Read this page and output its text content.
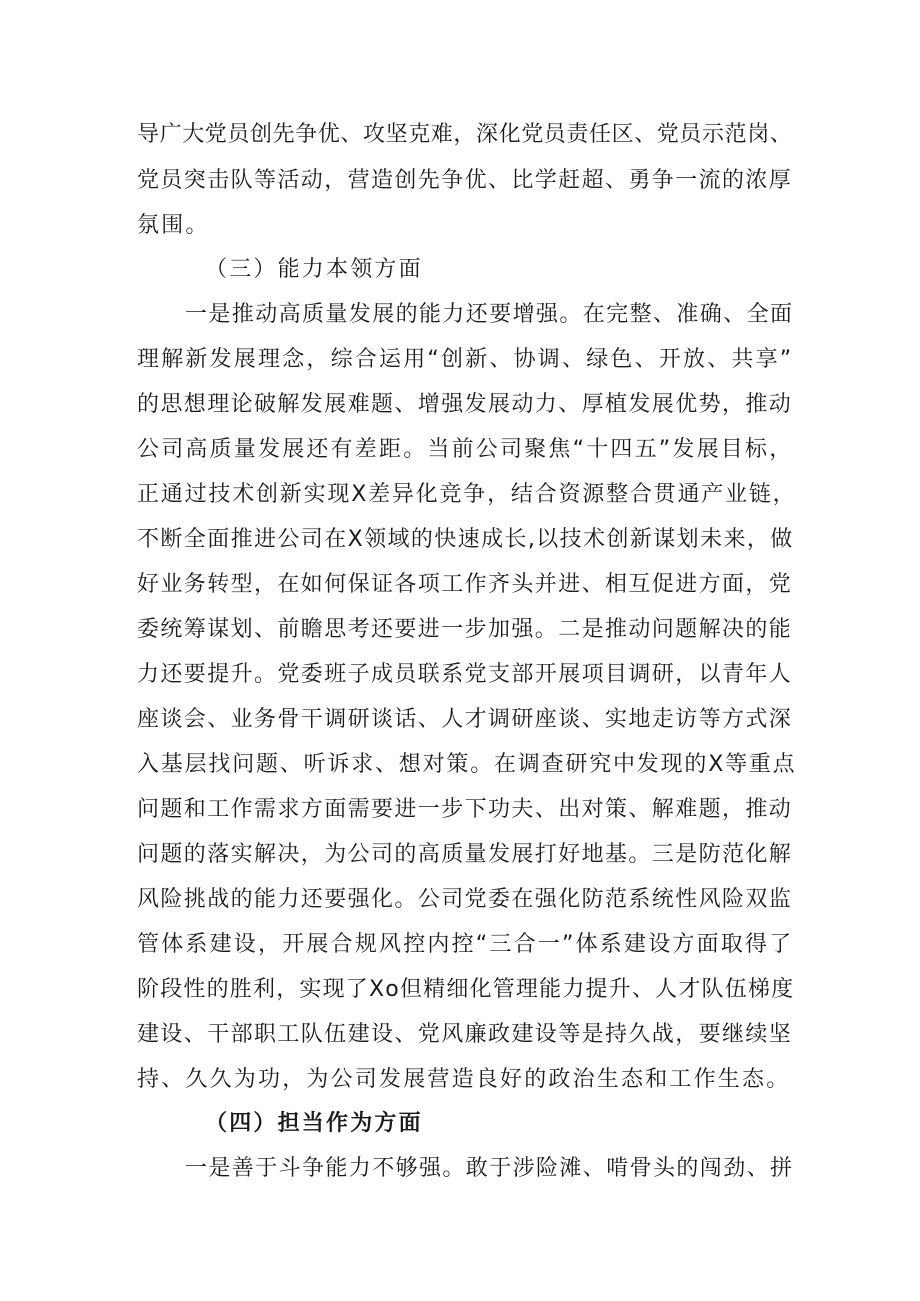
导广大党员创先争优、攻坚克难，深化党员责任区、党员示范岗、
党员突击队等活动，营造创先争优、比学赶超、勇争一流的浓厚
氛围。
（三）能力本领方面
一是推动高质量发展的能力还要增强。在完整、准确、全面
理解新发展理念，综合运用“创新、协调、绿色、开放、共享”
的思想理论破解发展难题、增强发展动力、厚植发展优势，推动
公司高质量发展还有差距。当前公司聚焦“十四五”发展目标，
正通过技术创新实现X差异化竞争，结合资源整合贯通产业链，
不断全面推进公司在X领域的快速成长,以技术创新谋划未来，做
好业务转型，在如何保证各项工作齐头并进、相互促进方面，党
委统筹谋划、前瞻思考还要进一步加强。二是推动问题解决的能
力还要提升。党委班子成员联系党支部开展项目调研，以青年人
座谈会、业务骨干调研谈话、人才调研座谈、实地走访等方式深
入基层找问题、听诉求、想对策。在调查研究中发现的X等重点
问题和工作需求方面需要进一步下功夫、出对策、解难题，推动
问题的落实解决，为公司的高质量发展打好地基。三是防范化解
风险挑战的能力还要强化。公司党委在强化防范系统性风险双监
管体系建设，开展合规风控内控“三合一”体系建设方面取得了
阶段性的胜利，实现了Xo但精细化管理能力提升、人才队伍梯度
建设、干部职工队伍建设、党风廉政建设等是持久战，要继续坚
持、久久为功，为公司发展营造良好的政治生态和工作生态。
（四）担当作为方面
一是善于斗争能力不够强。敢于涉险滩、啃骨头的闯劲、拼
